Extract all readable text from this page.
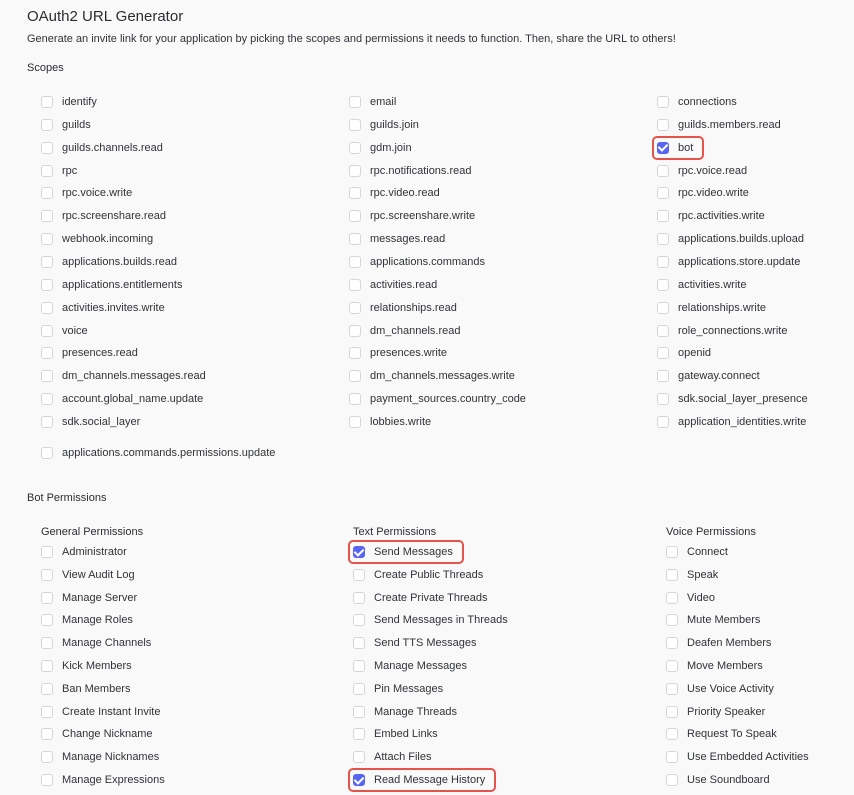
OAuth2 URL Generator
Generate an invite link for your application by picking the scopes and permissions it needs to function. Then, share the URL to others!
Scopes
identify
guilds
guilds.channels.read
rpc
rpc.voice.write
rpc.screenshare.read
webhook.incoming
applications.builds.read
applications.entitlements
activities.invites.write
voice
presences.read
dm_channels.messages.read
account.global_name.update
sdk.social_layer
applications.commands.permissions.update
email
guilds.join
gdm.join
rpc.notifications.read
rpc.video.read
rpc.screenshare.write
messages.read
applications.commands
activities.read
relationships.read
dm_channels.read
presences.write
dm_channels.messages.write
payment_sources.country_code
lobbies.write
connections
guilds.members.read
bot
rpc.voice.read
rpc.video.write
rpc.activities.write
applications.builds.upload
applications.store.update
activities.write
relationships.write
role_connections.write
openid
gateway.connect
sdk.social_layer_presence
application_identities.write
Bot Permissions
General Permissions
Administrator
View Audit Log
Manage Server
Manage Roles
Manage Channels
Kick Members
Ban Members
Create Instant Invite
Change Nickname
Manage Nicknames
Manage Expressions
Text Permissions
Send Messages
Create Public Threads
Create Private Threads
Send Messages in Threads
Send TTS Messages
Manage Messages
Pin Messages
Manage Threads
Embed Links
Attach Files
Read Message History
Voice Permissions
Connect
Speak
Video
Mute Members
Deafen Members
Move Members
Use Voice Activity
Priority Speaker
Request To Speak
Use Embedded Activities
Use Soundboard
